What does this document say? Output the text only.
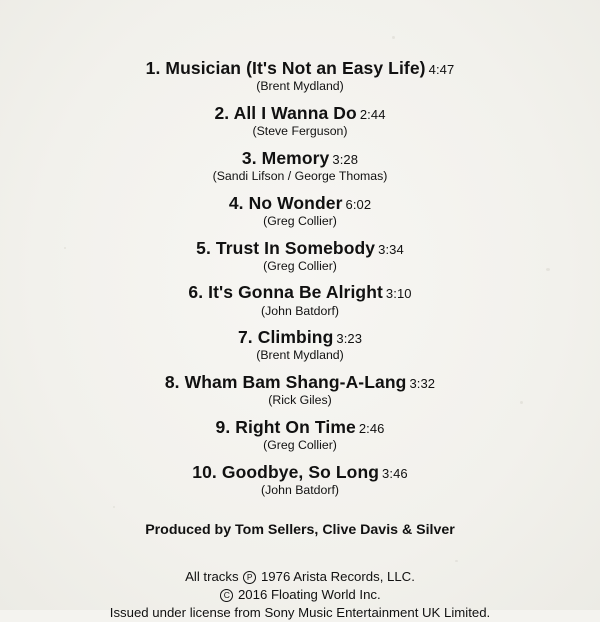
1. Musician (It's Not an Easy Life) 4:47
(Brent Mydland)
2. All I Wanna Do 2:44
(Steve Ferguson)
3. Memory 3:28
(Sandi Lifson / George Thomas)
4. No Wonder 6:02
(Greg Collier)
5. Trust In Somebody 3:34
(Greg Collier)
6. It's Gonna Be Alright 3:10
(John Batdorf)
7. Climbing 3:23
(Brent Mydland)
8. Wham Bam Shang-A-Lang 3:32
(Rick Giles)
9. Right On Time 2:46
(Greg Collier)
10. Goodbye, So Long 3:46
(John Batdorf)
Produced by Tom Sellers, Clive Davis & Silver
All tracks P 1976 Arista Records, LLC.
C 2016 Floating World Inc.
Issued under license from Sony Music Entertainment UK Limited.
